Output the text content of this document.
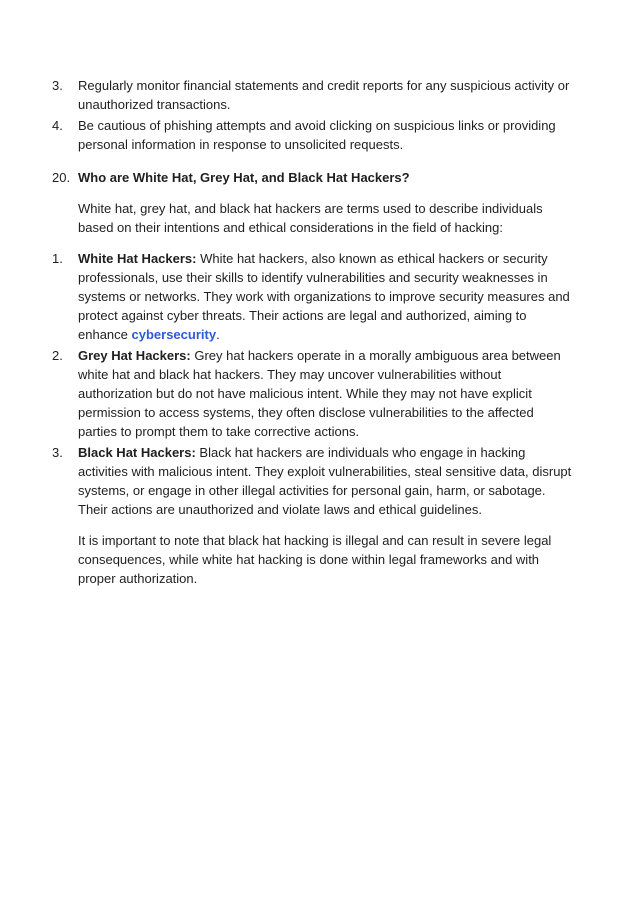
3.	Regularly monitor financial statements and credit reports for any suspicious activity or unauthorized transactions.
4.	Be cautious of phishing attempts and avoid clicking on suspicious links or providing personal information in response to unsolicited requests.
20. Who are White Hat, Grey Hat, and Black Hat Hackers?
White hat, grey hat, and black hat hackers are terms used to describe individuals based on their intentions and ethical considerations in the field of hacking:
1.	White Hat Hackers: White hat hackers, also known as ethical hackers or security professionals, use their skills to identify vulnerabilities and security weaknesses in systems or networks. They work with organizations to improve security measures and protect against cyber threats. Their actions are legal and authorized, aiming to enhance cybersecurity.
2.	Grey Hat Hackers: Grey hat hackers operate in a morally ambiguous area between white hat and black hat hackers. They may uncover vulnerabilities without authorization but do not have malicious intent. While they may not have explicit permission to access systems, they often disclose vulnerabilities to the affected parties to prompt them to take corrective actions.
3.	Black Hat Hackers: Black hat hackers are individuals who engage in hacking activities with malicious intent. They exploit vulnerabilities, steal sensitive data, disrupt systems, or engage in other illegal activities for personal gain, harm, or sabotage. Their actions are unauthorized and violate laws and ethical guidelines.
It is important to note that black hat hacking is illegal and can result in severe legal consequences, while white hat hacking is done within legal frameworks and with proper authorization.
